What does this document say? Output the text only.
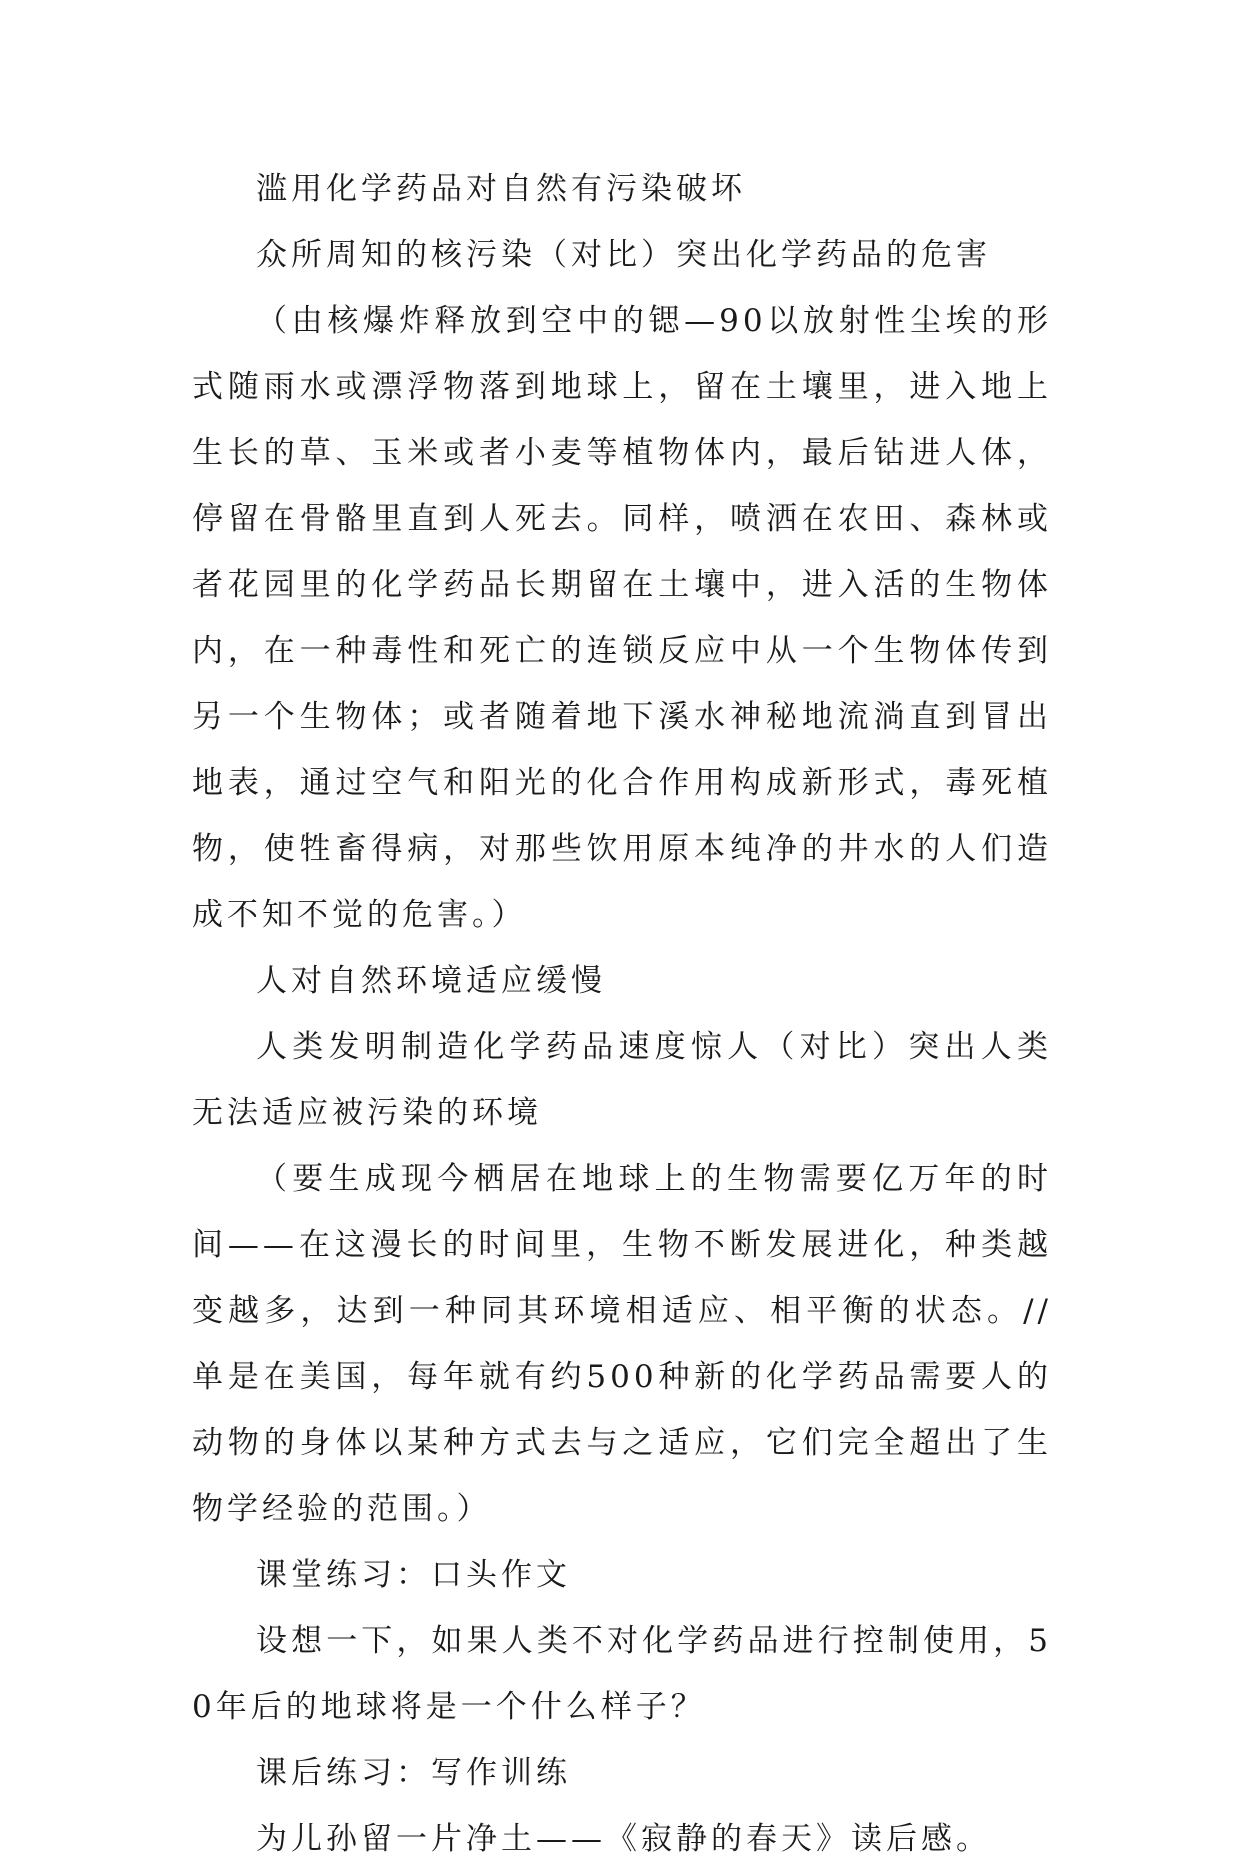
滥用化学药品对自然有污染破坏

众所周知的核污染（对比）突出化学药品的危害

（由核爆炸释放到空中的锶—90以放射性尘埃的形式随雨水或漂浮物落到地球上，留在土壤里，进入地上生长的草、玉米或者小麦等植物体内，最后钻进人体，停留在骨骼里直到人死去。同样，喷洒在农田、森林或者花园里的化学药品长期留在土壤中，进入活的生物体内，在一种毒性和死亡的连锁反应中从一个生物体传到另一个生物体；或者随着地下溪水神秘地流淌直到冒出地表，通过空气和阳光的化合作用构成新形式，毒死植物，使牲畜得病，对那些饮用原本纯净的井水的人们造成不知不觉的危害。）

人对自然环境适应缓慢

人类发明制造化学药品速度惊人（对比）突出人类无法适应被污染的环境

（要生成现今栖居在地球上的生物需要亿万年的时间——在这漫长的时间里，生物不断发展进化，种类越变越多，达到一种同其环境相适应、相平衡的状态。//单是在美国，每年就有约500种新的化学药品需要人的动物的身体以某种方式去与之适应，它们完全超出了生物学经验的范围。）

课堂练习：口头作文

设想一下，如果人类不对化学药品进行控制使用，50年后的地球将是一个什么样子？

课后练习：写作训练

为儿孙留一片净土——《寂静的春天》读后感。
